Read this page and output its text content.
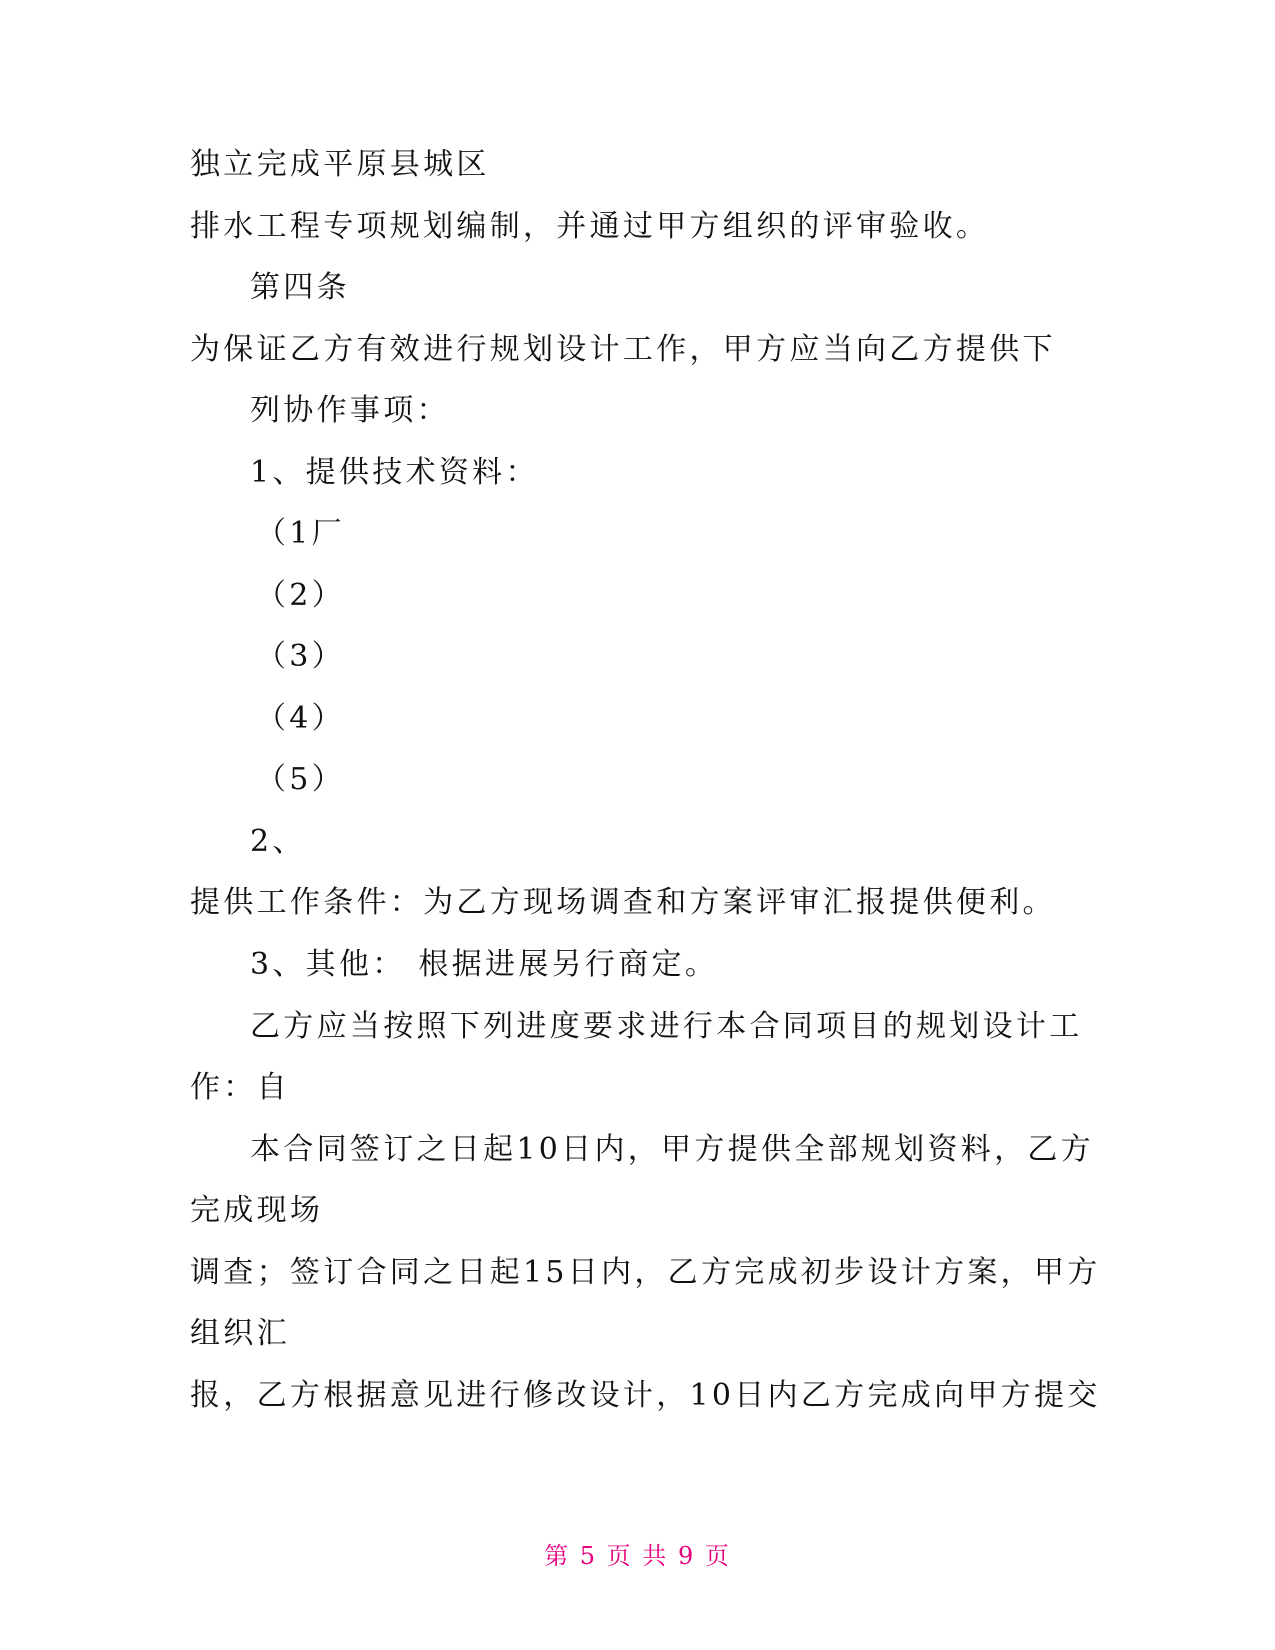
独立完成平原县城区
排水工程专项规划编制，并通过甲方组织的评审验收。
第四条
为保证乙方有效进行规划设计工作，甲方应当向乙方提供下
列协作事项：
1、提供技术资料：
（1厂
（2）
（3）
（4）
（5）
2、
提供工作条件：为乙方现场调查和方案评审汇报提供便利。
3、其他： 根据进展另行商定。
乙方应当按照下列进度要求进行本合同项目的规划设计工
作：自
本合同签订之日起10日内，甲方提供全部规划资料，乙方
完成现场
调查；签订合同之日起15日内，乙方完成初步设计方案，甲方
组织汇
报，乙方根据意见进行修改设计，10日内乙方完成向甲方提交
第 5 页 共 9 页
